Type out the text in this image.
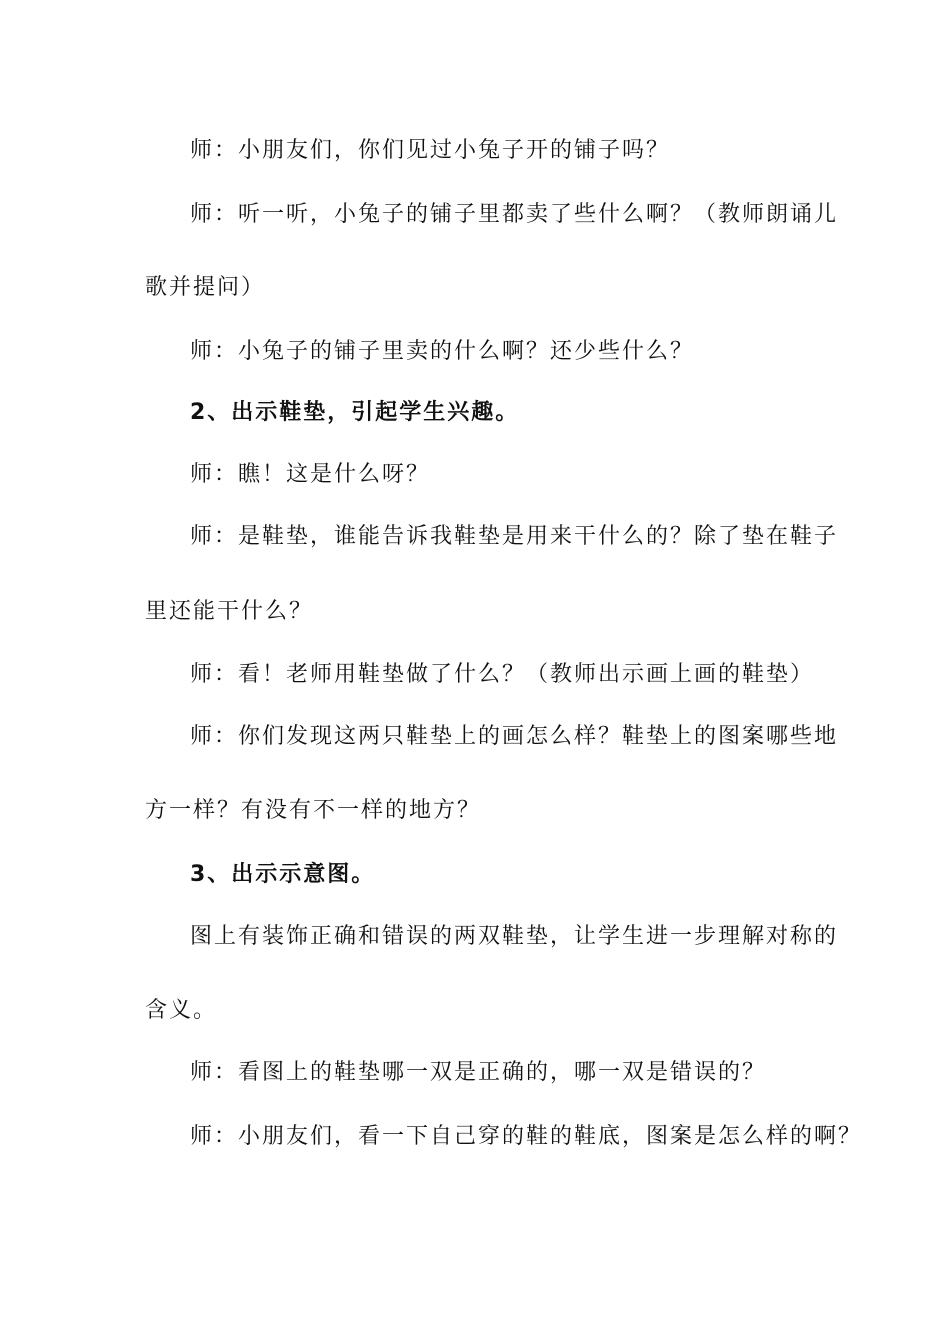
师：小朋友们，你们见过小兔子开的铺子吗？
师：听一听，小兔子的铺子里都卖了些什么啊？（教师朗诵儿
歌并提问）
师：小兔子的铺子里卖的什么啊？还少些什么？
2、出示鞋垫，引起学生兴趣。
师：瞧！这是什么呀？
师：是鞋垫，谁能告诉我鞋垫是用来干什么的？除了垫在鞋子
里还能干什么？
师：看！老师用鞋垫做了什么？（教师出示画上画的鞋垫）
师：你们发现这两只鞋垫上的画怎么样？鞋垫上的图案哪些地
方一样？有没有不一样的地方？
3、出示示意图。
图上有装饰正确和错误的两双鞋垫，让学生进一步理解对称的
含义。
师：看图上的鞋垫哪一双是正确的，哪一双是错误的？
师：小朋友们，看一下自己穿的鞋的鞋底，图案是怎么样的啊？
